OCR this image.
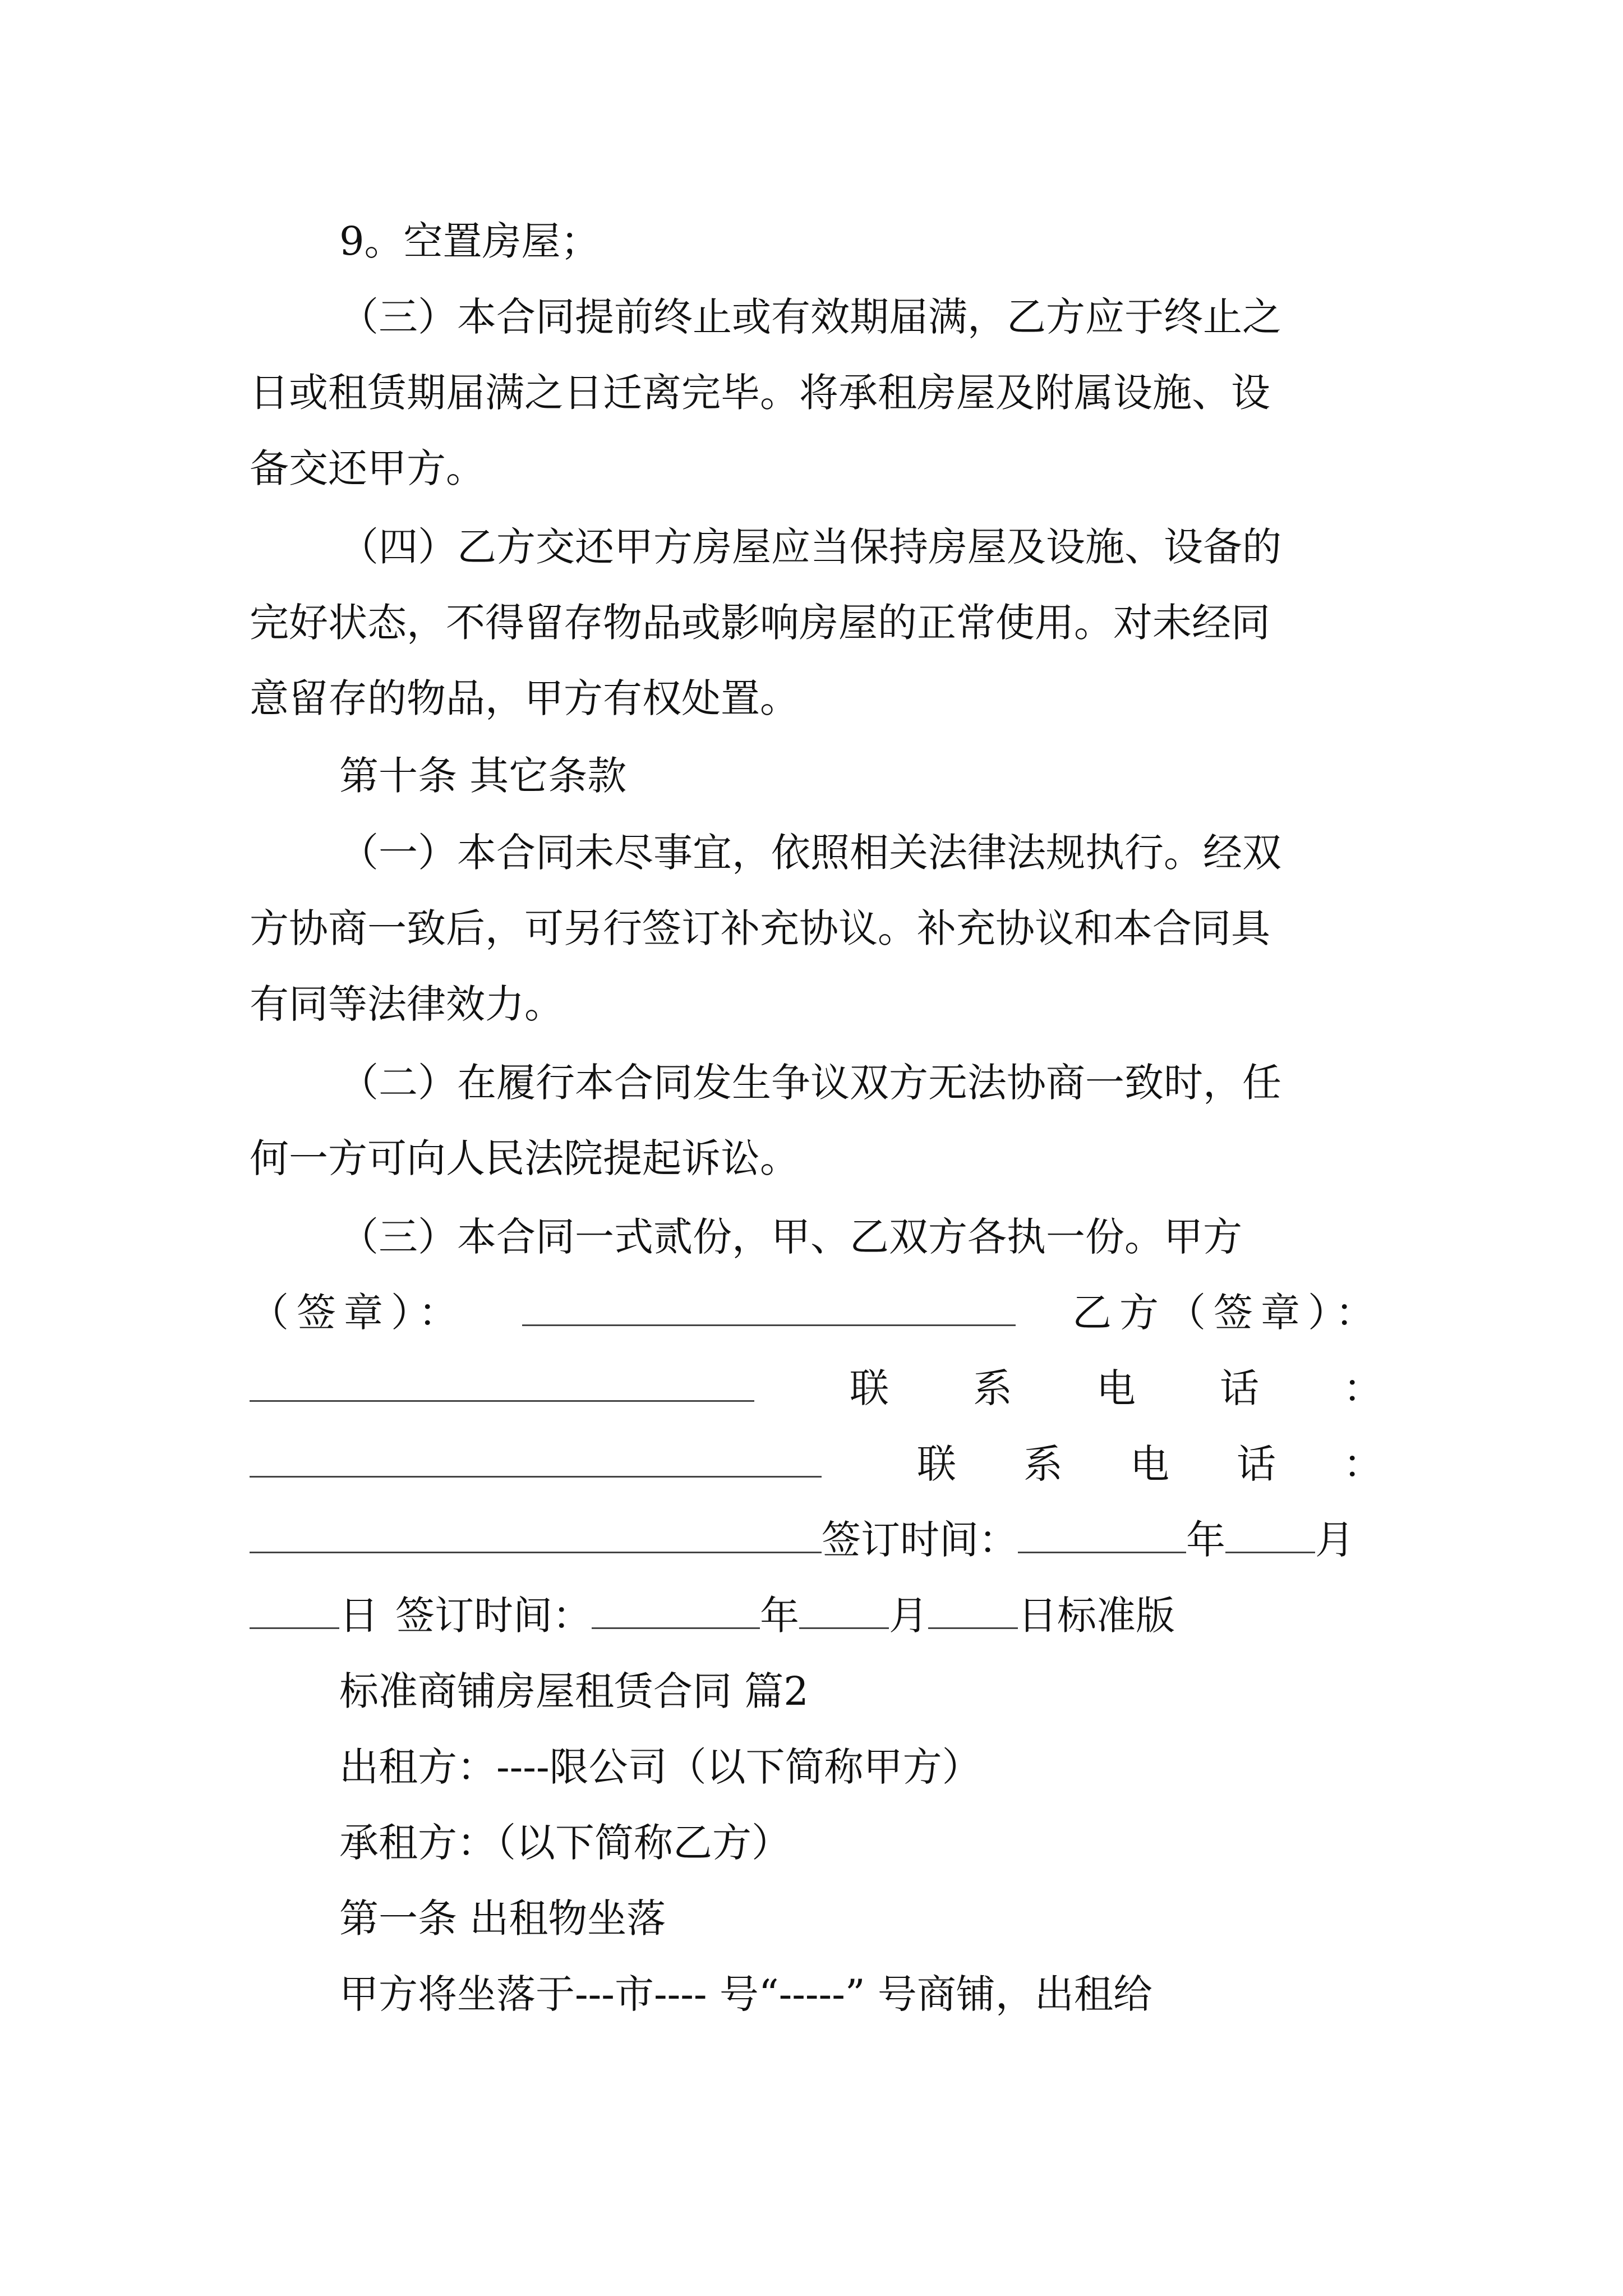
9。空置房屋；
（三）本合同提前终止或有效期届满，乙方应于终止之
日或租赁期届满之日迁离完毕。将承租房屋及附属设施、设
备交还甲方。
（四）乙方交还甲方房屋应当保持房屋及设施、设备的
完好状态，不得留存物品或影响房屋的正常使用。对未经同
意留存的物品，甲方有权处置。
第十条 其它条款
（一）本合同未尽事宜，依照相关法律法规执行。经双
方协商一致后，可另行签订补充协议。补充协议和本合同具
有同等法律效力。
（二）在履行本合同发生争议双方无法协商一致时，任
何一方可向人民法院提起诉讼。
（三）本合同一式贰份，甲、乙双方各执一份。甲方
（签章）：	乙方（签章）：
联系电话：
联系电话：
签订时间：	年 月
日 签订时间：	年 月 日标准版
标准商铺房屋租赁合同 篇2
出租方：----限公司（以下简称甲方）
承租方：（以下简称乙方）
第一条 出租物坐落
甲方将坐落于---市---- 号“-----” 号商铺，出租给
